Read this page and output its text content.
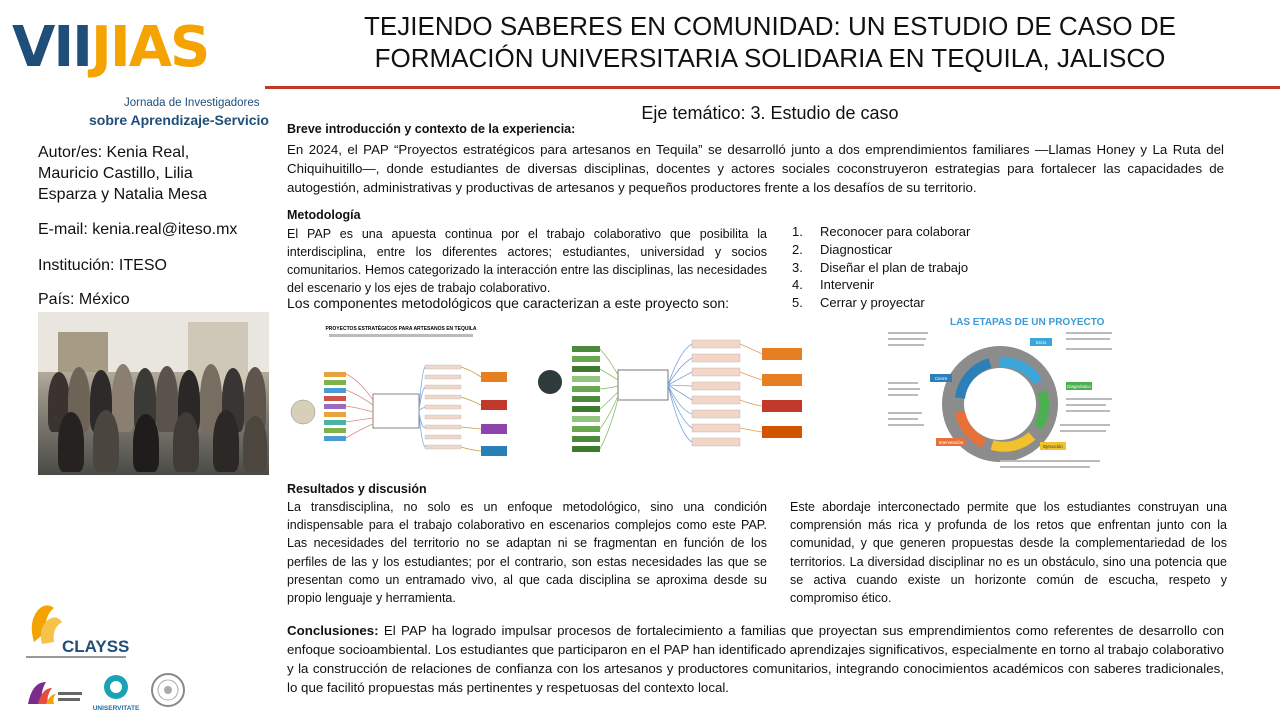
VIIJIAS
Jornada de Investigadores
sobre Aprendizaje-Servicio
TEJIENDO SABERES EN COMUNIDAD: UN ESTUDIO DE CASO DE FORMACIÓN UNIVERSITARIA SOLIDARIA EN TEQUILA, JALISCO
Eje temático: 3. Estudio de caso
Autor/es: Kenia Real,
Mauricio Castillo, Lilia
Esparza y Natalia Mesa
E-mail: kenia.real@iteso.mx
Institución: ITESO
País: México
Breve introducción y contexto de la experiencia:
En 2024, el PAP “Proyectos estratégicos para artesanos en Tequila” se desarrolló junto a dos emprendimientos familiares —Llamas Honey y La Ruta del Chiquihuitillo—, donde estudiantes de diversas disciplinas, docentes y actores sociales coconstruyeron estrategias para fortalecer las capacidades de autogestión, administrativas y productivas de artesanos y pequeños productores frente a los desafíos de su territorio.
Metodología
El PAP es una apuesta continua por el trabajo colaborativo que posibilita la interdisciplina, entre los diferentes actores; estudiantes, universidad y socios comunitarios. Hemos categorizado la interacción entre las disciplinas, las necesidades del escenario y los ejes de trabajo colaborativo.
Los componentes metodológicos que caracterizan a este proyecto son:
1. Reconocer para colaborar
2. Diagnosticar
3. Diseñar el plan de trabajo
4. Intervenir
5. Cerrar y proyectar
PROYECTOS ESTRATÉGICOS PARA ARTESANOS EN TEQUILA
LAS ETAPAS DE UN PROYECTO
Inicio
Diagnóstico
Ejecución
Intervención
Cierre
Resultados y discusión
La transdisciplina, no solo es un enfoque metodológico, sino una condición indispensable para el trabajo colaborativo en escenarios complejos como este PAP. Las necesidades del territorio no se adaptan ni se fragmentan en función de los perfiles de las y los estudiantes; por el contrario, son estas necesidades las que se presentan como un entramado vivo, al que cada disciplina se aproxima desde su propio lenguaje y herramienta.
Este abordaje interconectado permite que los estudiantes construyan una comprensión más rica y profunda de los retos que enfrentan junto con la comunidad, y que generen propuestas desde la complementariedad de los territorios. La diversidad disciplinar no es un obstáculo, sino una potencia que se activa cuando existe un horizonte común de escucha, respeto y compromiso ético.
Conclusiones: El PAP ha logrado impulsar procesos de fortalecimiento a familias que proyectan sus emprendimientos como referentes de desarrollo con enfoque socioambiental. Los estudiantes que participaron en el PAP han identificado aprendizajes significativos, especialmente en torno al trabajo colaborativo y la construcción de relaciones de confianza con los artesanos y productores comunitarios, integrando conocimientos académicos con saberes tradicionales, lo que facilitó propuestas más pertinentes y respetuosas del contexto local.
CLAYSS
UNISERVITATE
